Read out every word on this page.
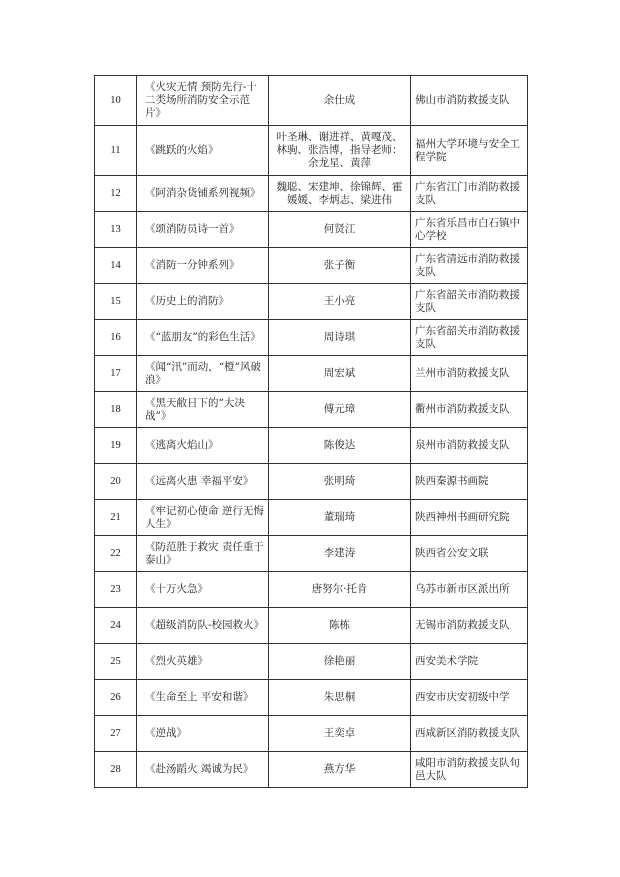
10	《火灾无情 预防先行-十二类场所消防安全示范片》	余仕成	佛山市消防救援支队
11	《跳跃的火焰》	叶圣琳、谢进祥、黄嘎茂、林驹、张浩博，指导老师：余龙星、黄萍	福州大学环境与安全工程学院
12	《阿消杂货铺系列视频》	魏聪、宋建坤、徐锦辉、霍媛媛、李炳志、梁进伟	广东省江门市消防救援支队
13	《颂消防员诗一首》	何贤江	广东省乐昌市白石镇中心学校
14	《消防一分钟系列》	张子衡	广东省清远市消防救援支队
15	《历史上的消防》	王小亮	广东省韶关市消防救援支队
16	《“蓝朋友”的彩色生活》	周诗琪	广东省韶关市消防救援支队
17	《闻“汛”而动，“橙”风破浪》	周宏斌	兰州市消防救援支队
18	《黑天敝日下的“大决战”》	傅元璋	衢州市消防救援支队
19	《逃离火焰山》	陈俊达	泉州市消防救援支队
20	《远离火患 幸福平安》	张明琦	陕西秦源书画院
21	《牢记初心使命 逆行无悔人生》	董瑞琦	陕西神州书画研究院
22	《防范胜于救灾 责任重于泰山》	李建涛	陕西省公安文联
23	《十万火急》	唐努尔·托肯	乌苏市新市区派出所
24	《超级消防队-校园救火》	陈栋	无锡市消防救援支队
25	《烈火英雄》	徐艳丽	西安美术学院
26	《生命至上 平安和谐》	朱思桐	西安市庆安初级中学
27	《逆战》	王奕卓	西咸新区消防救援支队
28	《赴汤蹈火 竭诚为民》	燕方华	咸阳市消防救援支队旬邑大队
